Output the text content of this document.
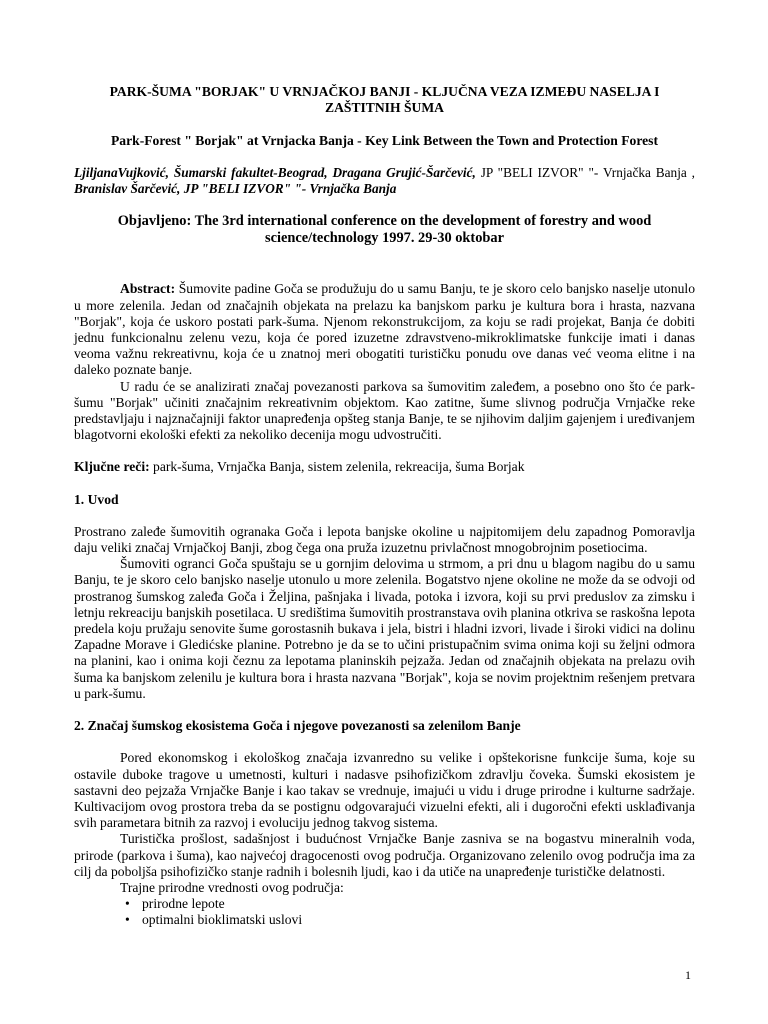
PARK-ŠUMA "BORJAK" U VRNJAČKOJ BANJI - KLJUČNA VEZA IZMEĐU NASELJA I ZAŠTITNIH ŠUMA
Park-Forest " Borjak" at Vrnjacka Banja - Key Link Between the Town and Protection Forest
LjiljanaVujković, Šumarski fakultet-Beograd, Dragana Grujić-Šarčević, JP "BELI IZVOR" "- Vrnjačka Banja , Branislav Šarčević, JP "BELI IZVOR" "- Vrnjačka Banja
Objavljeno: The 3rd international conference on the development of forestry and wood science/technology 1997. 29-30 oktobar

Abstract: Šumovite padine Goča se produžuju do u samu Banju, te je skoro celo banjsko naselje utonulo u more zelenila. Jedan od značajnih objekata na prelazu ka banjskom parku je kultura bora i hrasta, nazvana "Borjak", koja će uskoro postati park-šuma. Njenom rekonstrukcijom, za koju se radi projekat, Banja će dobiti jednu funkcionalnu zelenu vezu, koja će pored izuzetne zdravstveno-mikroklimatske funkcije imati i danas veoma važnu rekreativnu, koja će u znatnoj meri obogatiti turističku ponudu ove danas već veoma elitne i na daleko poznate banje.

U radu će se analizirati značaj povezanosti parkova sa šumovitim zaleđem, a posebno ono što će park-šumu "Borjak" učiniti značajnim rekreativnim objektom. Kao zatitne, šume slivnog područja Vrnjačke reke predstavljaju i najznačajniji faktor unapređenja opšteg stanja Banje, te se njihovim daljim gajenjem i uređivanjem blagotvorni ekološki efekti za nekoliko decenija mogu udvostručiti.

Ključne reči: park-šuma, Vrnjačka Banja, sistem zelenila, rekreacija, šuma Borjak

1. Uvod

Prostrano zaleđe šumovitih ogranaka Goča i lepota banjske okoline u najpitomijem delu zapadnog Pomoravlja daju veliki značaj Vrnjačkoj Banji, zbog čega ona pruža izuzetnu privlačnost mnogobrojnim posetiocima.

Šumoviti ogranci Goča spuštaju se u gornjim delovima u strmom, a pri dnu u blagom nagibu do u samu Banju, te je skoro celo banjsko naselje utonulo u more zelenila. Bogatstvo njene okoline ne može da se odvoji od prostranog šumskog zaleđa Goča i Željina, pašnjaka i livada, potoka i izvora, koji su prvi preduslov za zimsku i letnju rekreaciju banjskih posetilaca. U središtima šumovitih prostranstava ovih planina otkriva se raskošna lepota predela koju pružaju senovite šume gorostasnih bukava i jela, bistri i hladni izvori, livade i široki vidici na dolinu Zapadne Morave i Gledićske planine. Potrebno je da se to učini pristupačnim svima onima koji su željni odmora na planini, kao i onima koji čeznu za lepotama planinskih pejzaža. Jedan od značajnih objekata na prelazu ovih šuma ka banjskom zelenilu je kultura bora i hrasta nazvana "Borjak", koja se novim projektnim rešenjem pretvara u park-šumu.

2. Značaj šumskog ekosistema Goča i njegove povezanosti sa zelenilom Banje

Pored ekonomskog i ekološkog značaja izvanredno su velike i opštekorisne funkcije šuma, koje su ostavile duboke tragove u umetnosti, kulturi i nadasve psihofizičkom zdravlju čoveka. Šumski ekosistem je sastavni deo pejzaža Vrnjačke Banje i kao takav se vrednuje, imajući u vidu i druge prirodne i kulturne sadržaje. Kultivacijom ovog prostora treba da se postignu odgovarajući vizuelni efekti, ali i dugoročni efekti usklađivanja svih parametara bitnih za razvoj i evoluciju jednog takvog sistema.

Turistička prošlost, sadašnjost i budućnost Vrnjačke Banje zasniva se na bogastvu mineralnih voda, prirode (parkova i šuma), kao najvećoj dragocenosti ovog područja. Organizovano zelenilo ovog područja ima za cilj da poboljša psihofizičko stanje radnih i bolesnih ljudi, kao i da utiče na unapređenje turističke delatnosti.

Trajne prirodne vrednosti ovog područja:

• prirodne lepote
• optimalni bioklimatski uslovi
1
